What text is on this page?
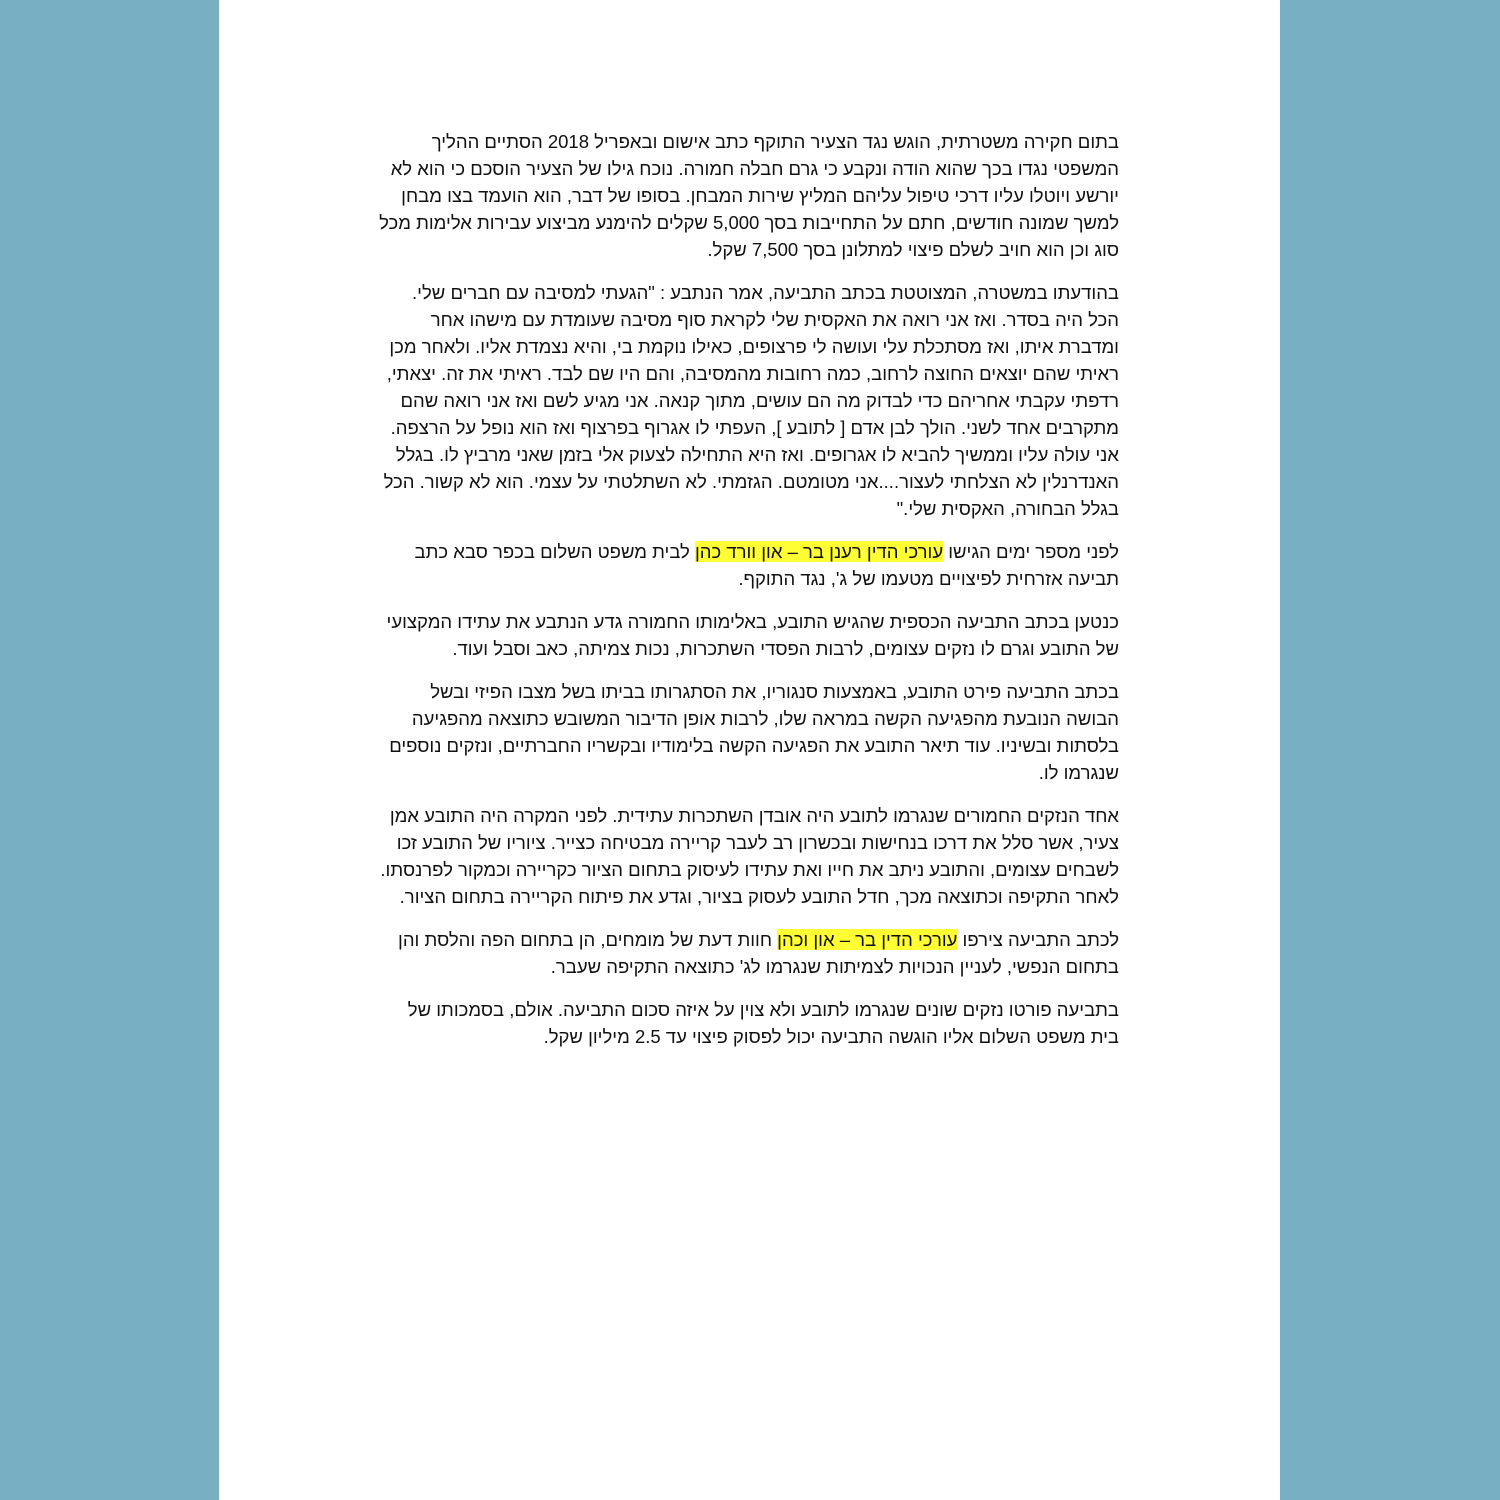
בתום חקירה משטרתית, הוגש נגד הצעיר התוקף כתב אישום ובאפריל 2018 הסתיים ההליך המשפטי נגדו בכך שהוא הודה ונקבע כי גרם חבלה חמורה. נוכח גילו של הצעיר הוסכם כי הוא לא יורשע ויוטלו עליו דרכי טיפול עליהם המליץ שירות המבחן. בסופו של דבר, הוא הועמד בצו מבחן למשך שמונה חודשים, חתם על התחייבות בסך 5,000 שקלים להימנע מביצוע עבירות אלימות מכל סוג וכן הוא חויב לשלם פיצוי למתלונן בסך 7,500 שקל.

בהודעתו במשטרה, המצוטטת בכתב התביעה, אמר הנתבע : "הגעתי למסיבה עם חברים שלי. הכל היה בסדר. ואז אני רואה את האקסית שלי לקראת סוף מסיבה שעומדת עם מישהו אחר ומדברת איתו, ואז מסתכלת עלי ועושה לי פרצופים, כאילו נוקמת בי, והיא נצמדת אליו. ולאחר מכן ראיתי שהם יוצאים החוצה לרחוב, כמה רחובות מהמסיבה, והם היו שם לבד. ראיתי את זה. יצאתי, רדפתי עקבתי אחריהם כדי לבדוק מה הם עושים, מתוך קנאה. אני מגיע לשם ואז אני רואה שהם מתקרבים אחד לשני. הולך לבן אדם [ לתובע ], העפתי לו אגרוף בפרצוף ואז הוא נופל על הרצפה. אני עולה עליו וממשיך להביא לו אגרופים. ואז היא התחילה לצעוק אלי בזמן שאני מרביץ לו. בגלל האנדרנלין לא הצלחתי לעצור....אני מטומטם. הגזמתי. לא השתלטתי על עצמי. הוא לא קשור. הכל בגלל הבחורה, האקסית שלי."

לפני מספר ימים הגישו עורכי הדין רענן בר – און וורד כהן לבית משפט השלום בכפר סבא כתב תביעה אזרחית לפיצויים מטעמו של ג', נגד התוקף.

כנטען בכתב התביעה הכספית שהגיש התובע, באלימותו החמורה גדע הנתבע את עתידו המקצועי של התובע וגרם לו נזקים עצומים, לרבות הפסדי השתכרות, נכות צמיתה, כאב וסבל ועוד.

בכתב התביעה פירט התובע, באמצעות סנגוריו, את הסתגרותו בביתו בשל מצבו הפיזי ובשל הבושה הנובעת מהפגיעה הקשה במראה שלו, לרבות אופן הדיבור המשובש כתוצאה מהפגיעה בלסתות ובשיניו. עוד תיאר התובע את הפגיעה הקשה בלימודיו ובקשריו החברתיים, ונזקים נוספים שנגרמו לו.

אחד הנזקים החמורים שנגרמו לתובע היה אובדן השתכרות עתידית. לפני המקרה היה התובע אמן צעיר, אשר סלל את דרכו בנחישות ובכשרון רב לעבר קריירה מבטיחה כצייר. ציוריו של התובע זכו לשבחים עצומים, והתובע ניתב את חייו ואת עתידו לעיסוק בתחום הציור כקריירה וכמקור לפרנסתו. לאחר התקיפה וכתוצאה מכך, חדל התובע לעסוק בציור, וגדע את פיתוח הקריירה בתחום הציור.

לכתב התביעה צירפו עורכי הדין בר – און וכהן חוות דעת של מומחים, הן בתחום הפה והלסת והן בתחום הנפשי, לעניין הנכויות לצמיתות שנגרמו לג' כתוצאה התקיפה שעבר.

בתביעה פורטו נזקים שונים שנגרמו לתובע ולא צוין על איזה סכום התביעה. אולם, בסמכותו של בית משפט השלום אליו הוגשה התביעה יכול לפסוק פיצוי עד 2.5 מיליון שקל.
